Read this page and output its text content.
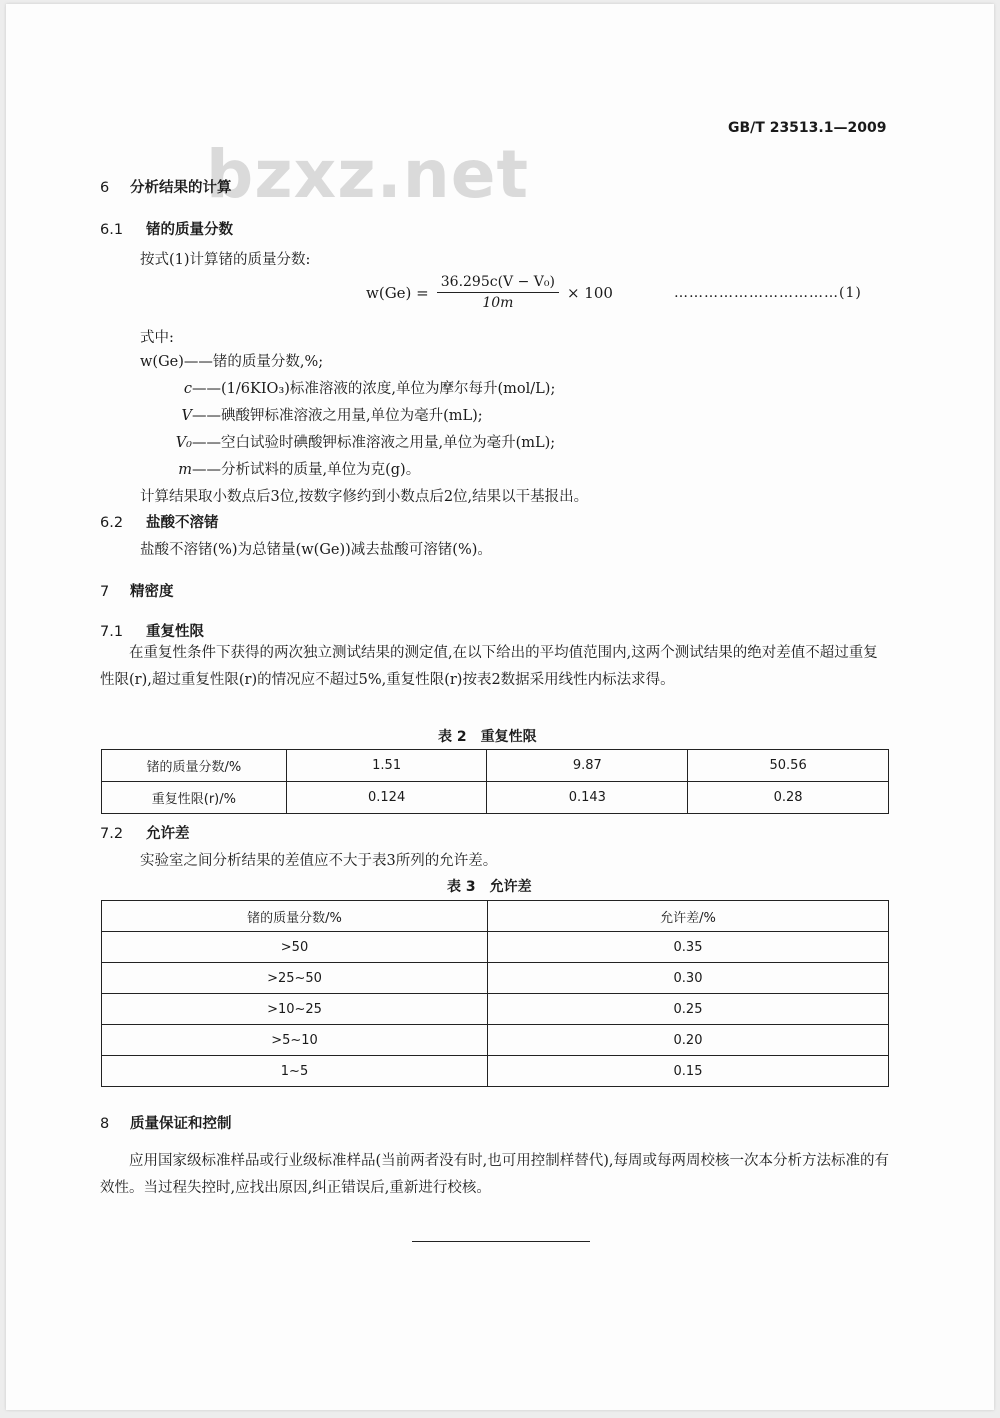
GB/T 23513.1—2009
bzxz.net
6 分析结果的计算
6.1 锗的质量分数
按式(1)计算锗的质量分数:
$w(Ge) = \frac{\text{36.295c(V − V₀)}}{10m} \times 100$	……………………………(1)
式中:
w(Ge) ——锗的质量分数,%;
c ——(1/6KIO₃)标准溶液的浓度,单位为摩尔每升(mol/L);
V ——碘酸钾标准溶液之用量,单位为毫升(mL);
V₀ ——空白试验时碘酸钾标准溶液之用量,单位为毫升(mL);
m ——分析试料的质量,单位为克(g)。
计算结果取小数点后3位,按数字修约到小数点后2位,结果以干基报出。
6.2 盐酸不溶锗
盐酸不溶锗(%)为总锗量(w(Ge))减去盐酸可溶锗(%)。
7 精密度
7.1 重复性限
在重复性条件下获得的两次独立测试结果的测定值,在以下给出的平均值范围内,这两个测试结果的绝对差值不超过重复性限(r),超过重复性限(r)的情况应不超过5%,重复性限(r)按表2数据采用线性内标法求得。
表 2　重复性限
锗的质量分数/%	1.51	9.87	50.56
重复性限(r)/%	0.124	0.143	0.28
7.2 允许差
实验室之间分析结果的差值应不大于表3所列的允许差。
表 3　允许差
锗的质量分数/%	允许差/%
>50	0.35
>25~50	0.30
>10~25	0.25
>5~10	0.20
1~5	0.15
8 质量保证和控制
应用国家级标准样品或行业级标准样品(当前两者没有时,也可用控制样替代),每周或每两周校核一次本分析方法标准的有效性。当过程失控时,应找出原因,纠正错误后,重新进行校核。
